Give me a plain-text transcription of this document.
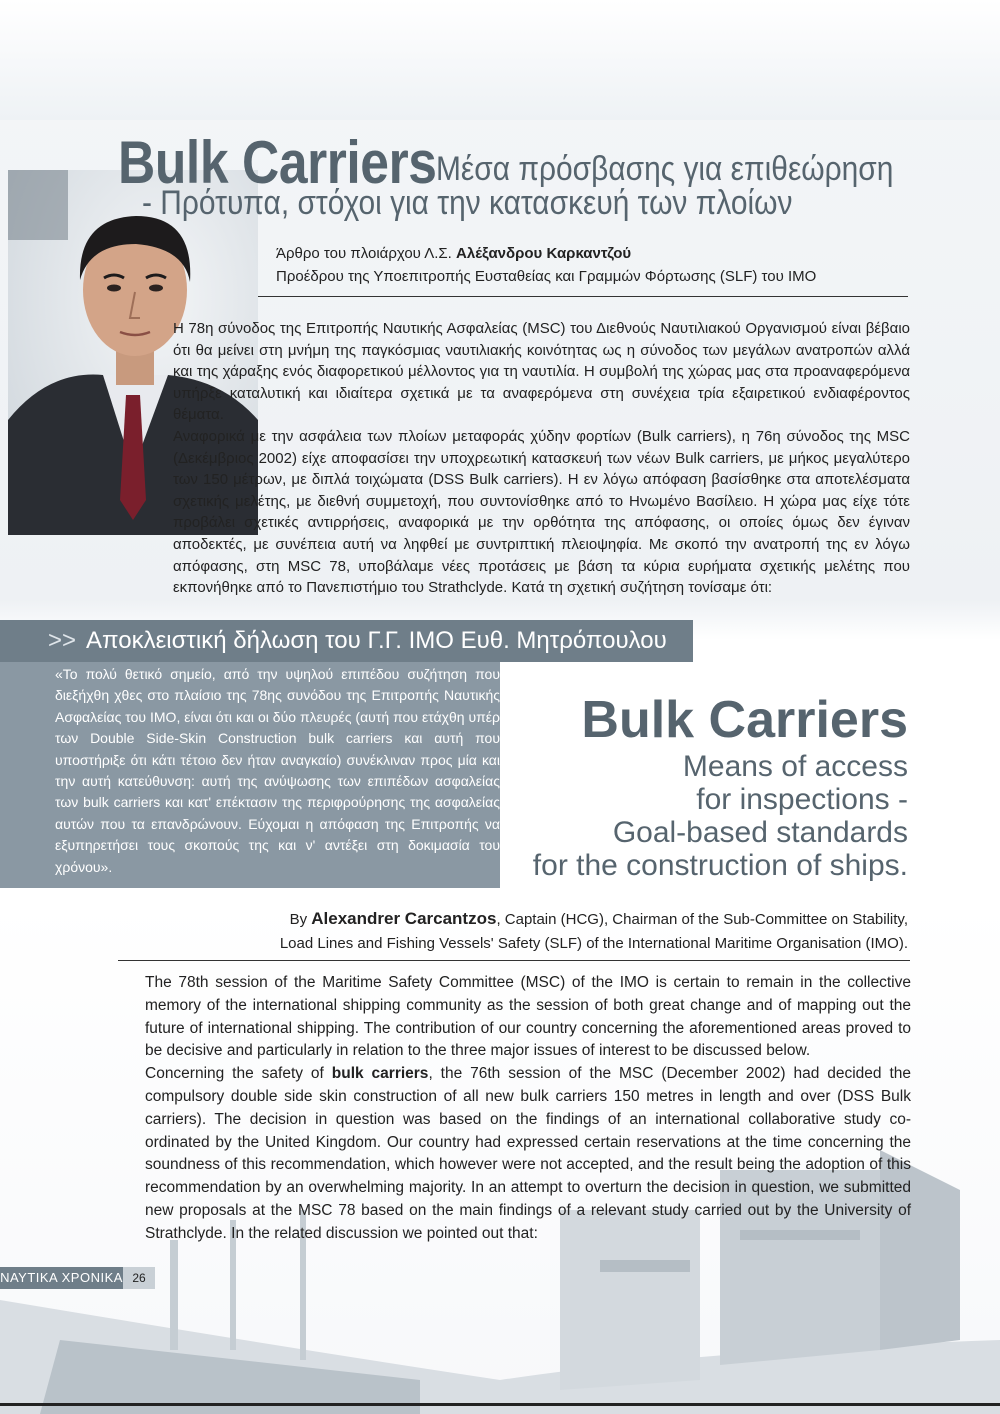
Bulk Carriers Μέσα πρόσβασης για επιθεώρηση
- Πρότυπα, στόχοι για την κατασκευή των πλοίων
Άρθρο του πλοιάρχου Λ.Σ. Αλέξανδρου Καρκαντζού
Προέδρου της Υποεπιτροπής Ευσταθείας και Γραμμών Φόρτωσης (SLF) του ΙΜΟ

Η 78η σύνοδος της Επιτροπής Ναυτικής Ασφαλείας (MSC) του Διεθνούς Ναυτιλιακού Οργανισμού είναι βέβαιο ότι θα μείνει στη μνήμη της παγκόσμιας ναυτιλιακής κοινότητας ως η σύνοδος των μεγάλων ανατροπών αλλά και της χάραξης ενός διαφορετικού μέλλοντος για τη ναυτιλία. Η συμβολή της χώρας μας στα προαναφερόμενα υπήρξε καταλυτική και ιδιαίτερα σχετικά με τα αναφερόμενα στη συνέχεια τρία εξαιρετικού ενδιαφέροντος θέματα.

Αναφορικά με την ασφάλεια των πλοίων μεταφοράς χύδην φορτίων (Bulk carriers), η 76η σύνοδος της MSC (Δεκέμβριος 2002) είχε αποφασίσει την υποχρεωτική κατασκευή των νέων Bulk carriers, με μήκος μεγαλύτερο των 150 μέτρων, με διπλά τοιχώματα (DSS Bulk carriers). Η εν λόγω απόφαση βασίσθηκε στα αποτελέσματα σχετικής μελέτης, με διεθνή συμμετοχή, που συντονίσθηκε από το Ηνωμένο Βασίλειο. Η χώρα μας είχε τότε προβάλει σχετικές αντιρρήσεις, αναφορικά με την ορθότητα της απόφασης, οι οποίες όμως δεν έγιναν αποδεκτές, με συνέπεια αυτή να ληφθεί με συντριπτική πλειοψηφία. Με σκοπό την ανατροπή της εν λόγω απόφασης, στη MSC 78, υποβάλαμε νέες προτάσεις με βάση τα κύρια ευρήματα σχετικής μελέτης που εκπονήθηκε από το Πανεπιστήμιο του Strathclyde. Κατά τη σχετική συζήτηση τονίσαμε ότι:

>> Αποκλειστική δήλωση του Γ.Γ. ΙΜΟ Ευθ. Μητρόπουλου
«Το πολύ θετικό σημείο, από την υψηλού επιπέδου συζήτηση που διεξήχθη χθες στο πλαίσιο της 78ης συνόδου της Επιτροπής Ναυτικής Ασφαλείας του ΙΜΟ, είναι ότι και οι δύο πλευρές (αυτή που ετάχθη υπέρ των Double Side-Skin Construction bulk carriers και αυτή που υποστήριξε ότι κάτι τέτοιο δεν ήταν αναγκαίο) συνέκλιναν προς μία και την αυτή κατεύθυνση: αυτή της ανύψωσης των επιπέδων ασφαλείας των bulk carriers και κατ' επέκτασιν της περιφρούρησης της ασφαλείας αυτών που τα επανδρώνουν. Εύχομαι η απόφαση της Επιτροπής να εξυπηρετήσει τους σκοπούς της και ν' αντέξει στη δοκιμασία του χρόνου».
Bulk Carriers
Means of access
for inspections -
Goal-based standards
for the construction of ships.
By Alexandrer Carcantzos, Captain (HCG), Chairman of the Sub-Committee on Stability,
Load Lines and Fishing Vessels' Safety (SLF) of the International Maritime Organisation (IMO).

The 78th session of the Maritime Safety Committee (MSC) of the IMO is certain to remain in the collective memory of the international shipping community as the session of both great change and of mapping out the future of international shipping. The contribution of our country concerning the aforementioned areas proved to be decisive and particularly in relation to the three major issues of interest to be discussed below.

Concerning the safety of bulk carriers, the 76th session of the MSC (December 2002) had decided the compulsory double side skin construction of all new bulk carriers 150 metres in length and over (DSS Bulk carriers). The decision in question was based on the findings of an international collaborative study co-ordinated by the United Kingdom. Our country had expressed certain reservations at the time concerning the soundness of this recommendation, which however were not accepted, and the result being the adoption of this recommendation by an overwhelming majority. In an attempt to overturn the decision in question, we submitted new proposals at the MSC 78 based on the main findings of a relevant study carried out by the University of Strathclyde. In the related discussion we pointed out that:

ΝΑΥΤΙΚΑ ΧΡΟΝΙΚΑ 26
